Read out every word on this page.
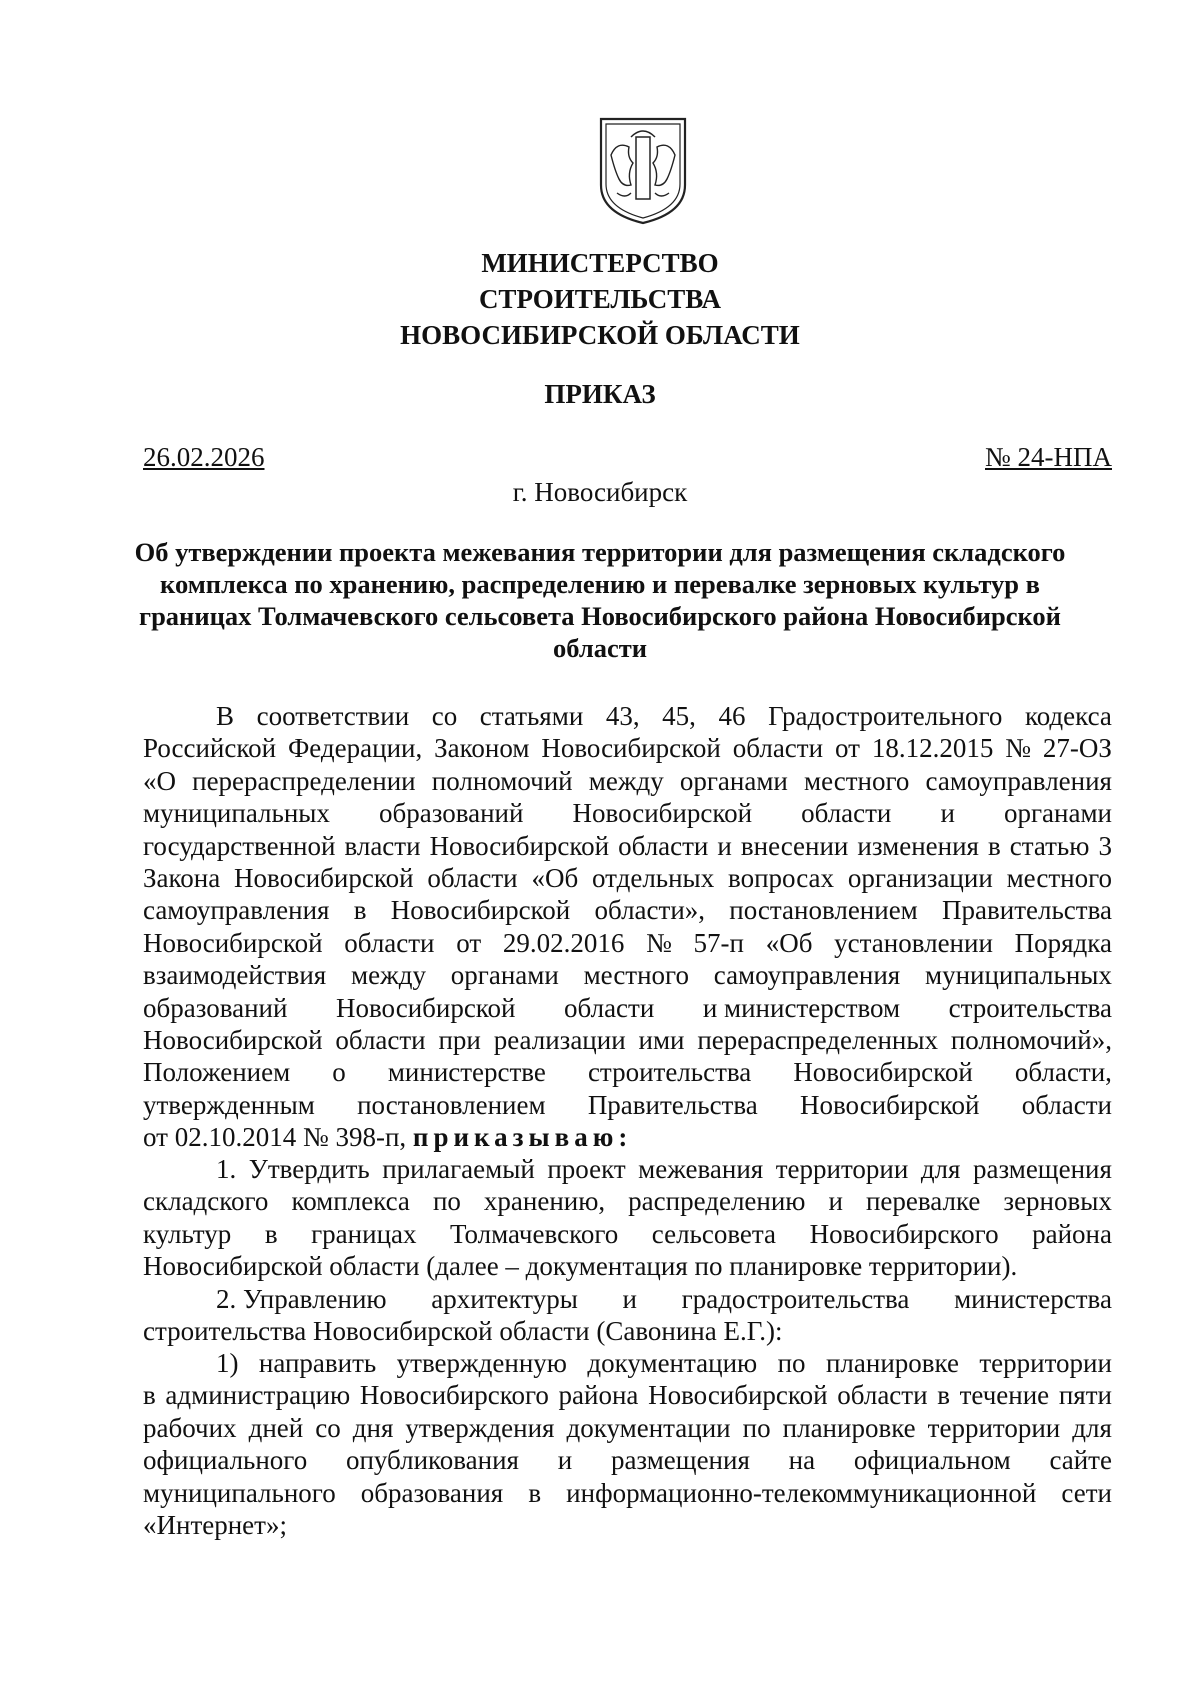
МИНИСТЕРСТВО
СТРОИТЕЛЬСТВА
НОВОСИБИРСКОЙ ОБЛАСТИ
ПРИКАЗ
26.02.2026	№ 24-НПА
г. Новосибирск
Об утверждении проекта межевания территории для размещения складского
комплекса по хранению, распределению и перевалке зерновых культур в
границах Толмачевского сельсовета Новосибирского района Новосибирской
области
В соответствии со статьями 43, 45, 46 Градостроительного кодекса
Российской Федерации, Законом Новосибирской области от 18.12.2015 № 27-ОЗ
«О перераспределении полномочий между органами местного самоуправления
муниципальных образований Новосибирской области и органами
государственной власти Новосибирской области и внесении изменения в статью 3
Закона Новосибирской области «Об отдельных вопросах организации местного
самоуправления в Новосибирской области», постановлением Правительства
Новосибирской области от 29.02.2016 № 57-п «Об установлении Порядка
взаимодействия между органами местного самоуправления муниципальных
образований Новосибирской области и министерством строительства
Новосибирской области при реализации ими перераспределенных полномочий»,
Положением о министерстве строительства Новосибирской области,
утвержденным постановлением Правительства Новосибирской области
от 02.10.2014 № 398-п, приказываю:
1. Утвердить прилагаемый проект межевания территории для размещения
складского комплекса по хранению, распределению и перевалке зерновых
культур в границах Толмачевского сельсовета Новосибирского района
Новосибирской области (далее – документация по планировке территории).
2. Управлению архитектуры и градостроительства министерства
строительства Новосибирской области (Савонина Е.Г.):
1) направить утвержденную документацию по планировке территории
в администрацию Новосибирского района Новосибирской области в течение пяти
рабочих дней со дня утверждения документации по планировке территории для
официального опубликования и размещения на официальном сайте
муниципального образования в информационно-телекоммуникационной сети
«Интернет»;
